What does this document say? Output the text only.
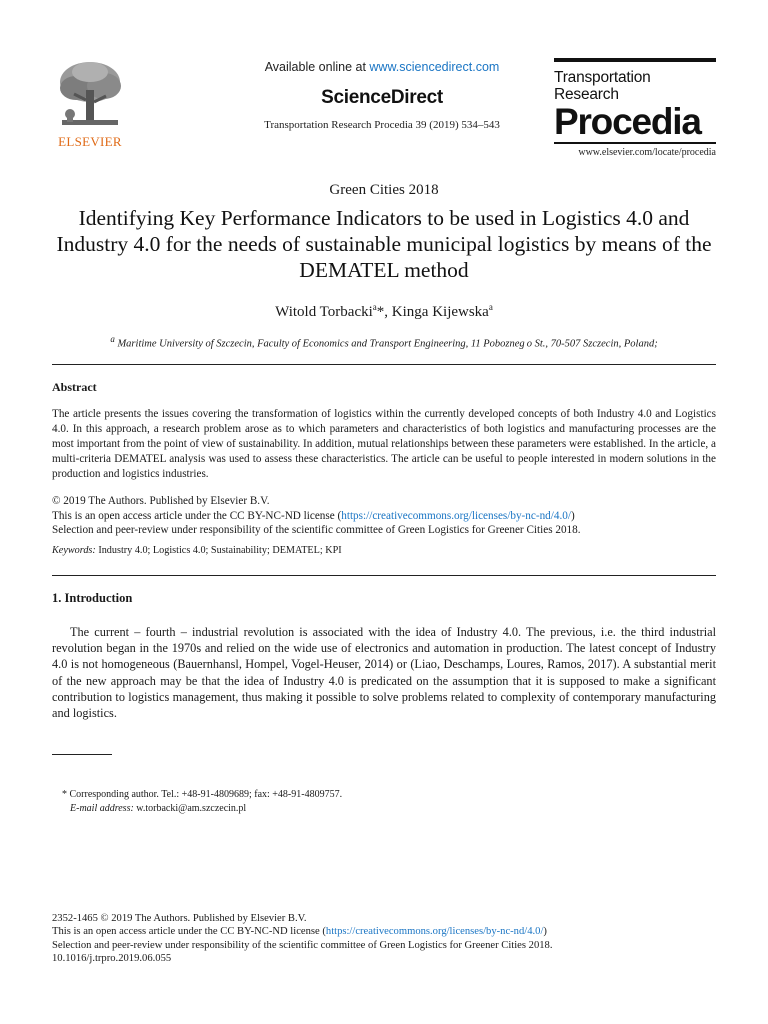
ELSEVIER
Available online at www.sciencedirect.com
ScienceDirect
Transportation Research Procedia 39 (2019) 534–543
Transportation
Research
Procedia
www.elsevier.com/locate/procedia
Green Cities 2018
Identifying Key Performance Indicators to be used in Logistics 4.0 and Industry 4.0 for the needs of sustainable municipal logistics by means of the DEMATEL method
Witold Torbacki$^a$*, Kinga Kijewska$^a$
$^a$ Maritime University of Szczecin, Faculty of Economics and Transport Engineering, 11 Pobozneg o St., 70-507 Szczecin, Poland;
Abstract
The article presents the issues covering the transformation of logistics within the currently developed concepts of both Industry 4.0 and Logistics 4.0. In this approach, a research problem arose as to which parameters and characteristics of both logistics and manufacturing processes are the most important from the point of view of sustainability. In addition, mutual relationships between these parameters were established. In the article, a multi-criteria DEMATEL analysis was used to assess these characteristics. The article can be useful to people interested in modern solutions in the production and logistics industries.
© 2019 The Authors. Published by Elsevier B.V.
This is an open access article under the CC BY-NC-ND license (https://creativecommons.org/licenses/by-nc-nd/4.0/)
Selection and peer-review under responsibility of the scientific committee of Green Logistics for Greener Cities 2018.
Keywords: Industry 4.0; Logistics 4.0; Sustainability; DEMATEL; KPI
1. Introduction
The current – fourth – industrial revolution is associated with the idea of Industry 4.0. The previous, i.e. the third industrial revolution began in the 1970s and relied on the wide use of electronics and automation in production. The latest concept of Industry 4.0 is not homogeneous (Bauernhansl, Hompel, Vogel-Heuser, 2014) or (Liao, Deschamps, Loures, Ramos, 2017). A substantial merit of the new approach may be that the idea of Industry 4.0 is predicated on the assumption that it is supposed to make a significant contribution to logistics management, thus making it possible to solve problems related to complexity of contemporary manufacturing and logistics.
* Corresponding author. Tel.: +48-91-4809689; fax: +48-91-4809757.
E-mail address: w.torbacki@am.szczecin.pl
2352-1465 © 2019 The Authors. Published by Elsevier B.V.
This is an open access article under the CC BY-NC-ND license (https://creativecommons.org/licenses/by-nc-nd/4.0/)
Selection and peer-review under responsibility of the scientific committee of Green Logistics for Greener Cities 2018.
10.1016/j.trpro.2019.06.055
